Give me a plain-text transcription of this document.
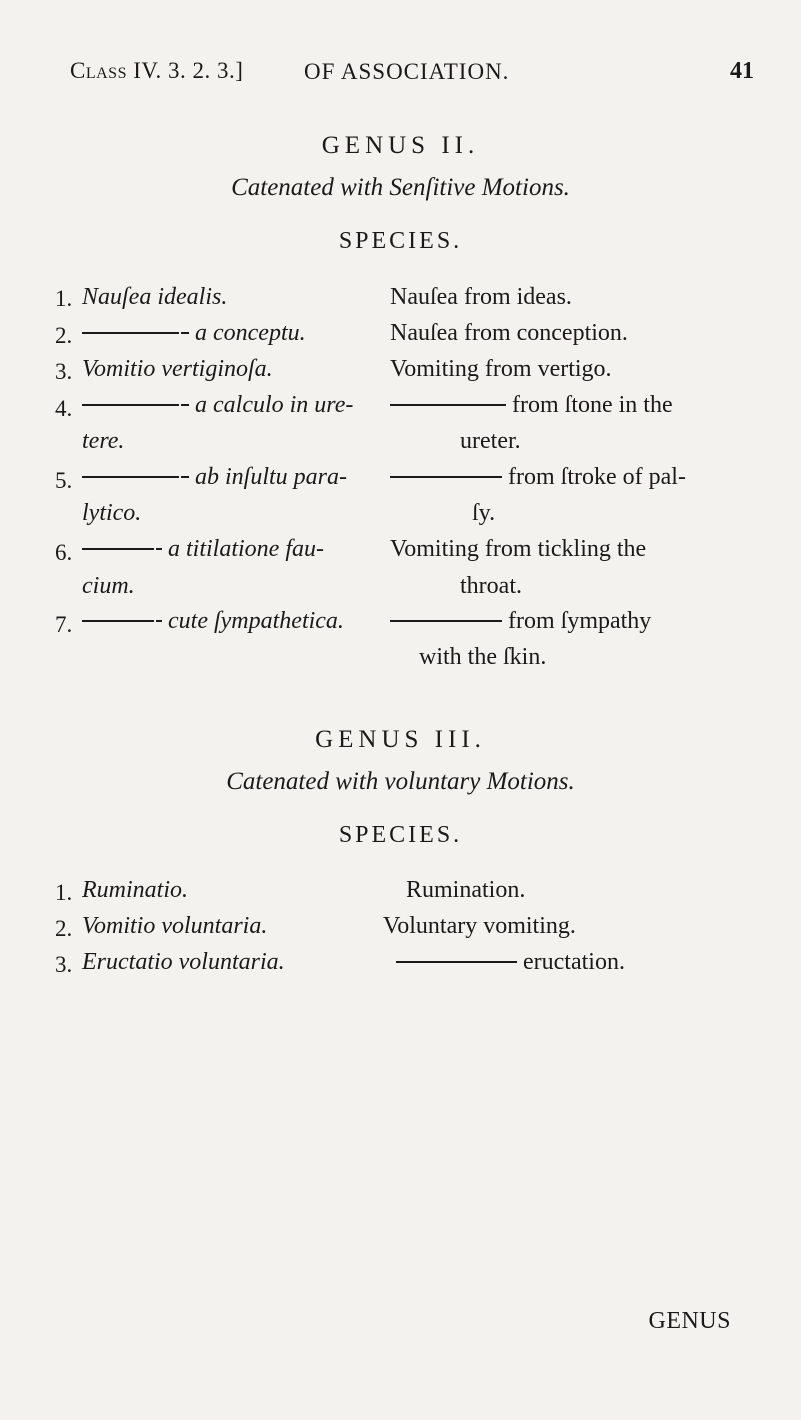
Class IV. 3. 2. 3.]	OF ASSOCIATION.	41
GENUS II.
Catenated with Senſitive Motions.
SPECIES.
1. Nauſea idealis.	Nauſea from ideas.
2.	a conceptu.	Nauſea from conception.
3. Vomitio vertiginoſa.	Vomiting from vertigo.
4.	a calculo in ure-	from ſtone in the
tere.	ureter.
5.	ab inſultu para-	from ſtroke of pal-
lytico.	ſy.
6.	a titilatione fau-	Vomiting from tickling the
cium.	throat.
7.	cute ſympathetica.	from ſympathy
with the ſkin.
GENUS III.
Catenated with voluntary Motions.
SPECIES.
1. Ruminatio.	Rumination.
2. Vomitio voluntaria.	Voluntary vomiting.
3. Eructatio voluntaria.	eructation.
GENUS
